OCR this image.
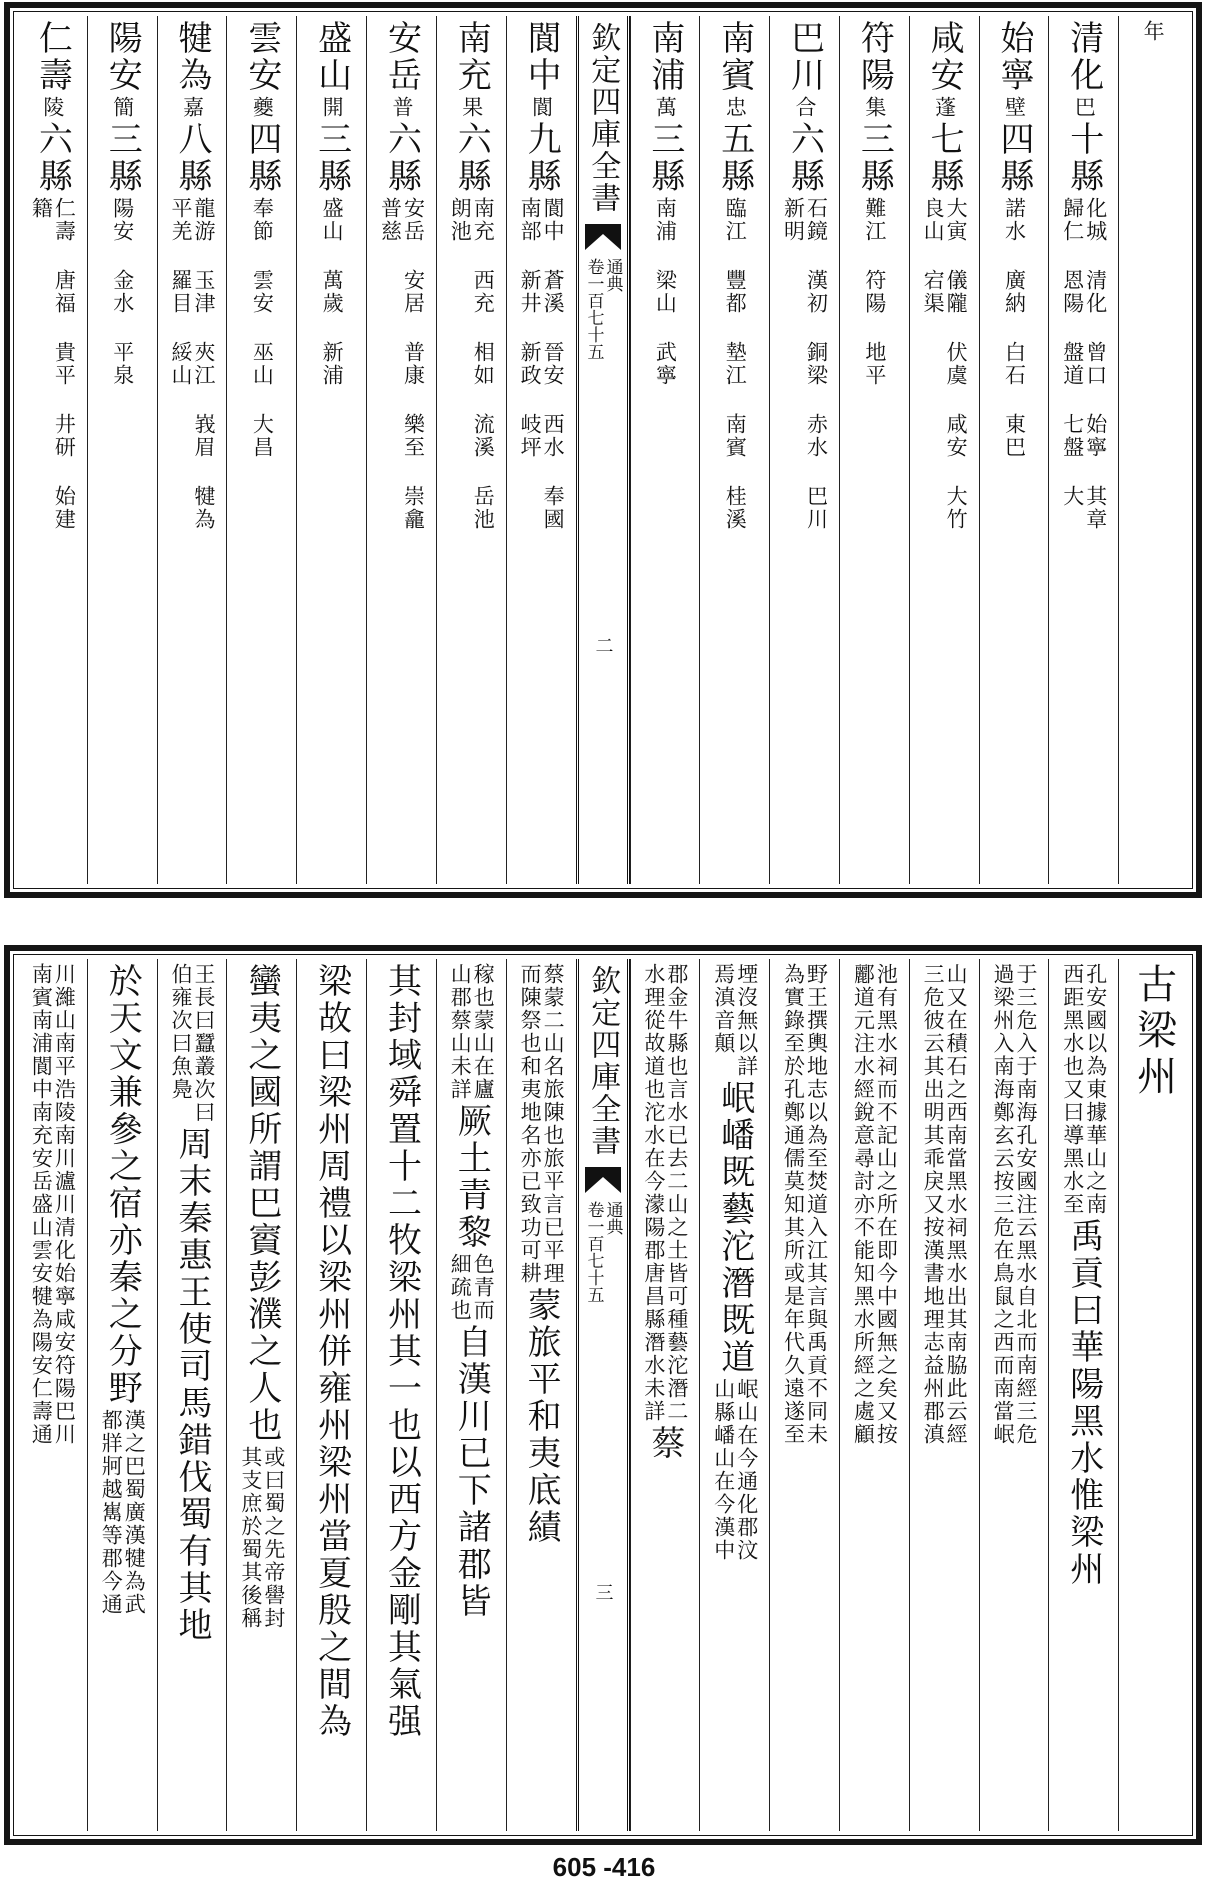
年
清化
巴
十縣
化城 清化 曾口 始寧 其章
歸仁 恩陽 盤道 七盤 大
始寧
壁
四縣
諾水 廣納 白石 東巴
咸安
蓬
七縣
大寅 儀隴 伏虞 咸安 大竹
良山 宕渠
符陽
集
三縣
難江 符陽 地平
巴川
合
六縣
石鏡 漢初 銅梁 赤水 巴川
新明
南賓
忠
五縣
臨江 豐都 墊江 南賓 桂溪
南浦
萬
三縣
南浦 梁山 武寧
欽定四庫全書
通典
卷一百七十五
二
閬中
閬
九縣
閬中 蒼溪 晉安 西水 奉國
南部 新井 新政 岐坪
南充
果
六縣
南充 西充 相如 流溪 岳池
朗池
安岳
普
六縣
安岳 安居 普康 樂至 崇龕
普慈
盛山
開
三縣
盛山 萬歲 新浦
雲安
夔
四縣
奉節 雲安 巫山 大昌
犍為
嘉
八縣
龍游 玉津 夾江 峩眉 犍為
平羌 羅目 綏山
陽安
簡
三縣
陽安 金水 平泉
仁壽
陵
六縣
仁壽 唐福 貴平 井研 始建
籍
古梁州
孔安國以為東據華山之南
西距黑水也又曰導黑水至
禹貢曰華陽黑水惟梁州
于三危入于南海孔安國注云黑水自北而南經三危
過梁州入南海鄭玄云按三危在鳥鼠之西而南當岷
山又在積石之西南當黑水祠黑水出其南脇此云經
三危彼云其出明其乖戾又按漢書地理志益州郡滇
池有黑水祠而不記山之所在即今中國無之矣又按
酈道元注水經銳意尋討亦不能知黑水所經之處顧
野王撰輿地志以為至焚道入江其言與禹貢不同未
為實錄至於孔鄭通儒莫知其所或是年代久遠遂至
堙沒無以詳
焉滇音顛
岷嶓既藝沱潛既道
岷山在今通化郡汶
山縣嶓山在今漢中
郡金牛縣也言水已去二山之土皆可種藝沱潛二
水理從故道也沱水在今濛陽郡唐昌縣潛水未詳
蔡
欽定四庫全書
通典
卷一百七十五
三
蔡蒙二山名旅陳也旅平言已平理
而陳祭也和夷地名亦已致功可耕
蒙旅平和夷底績
稼也蒙山在廬
山郡蔡山未詳
厥土青黎
色青而
細疏也
自漢川已下諸郡皆
其封域舜置十二牧梁州其一也以西方金剛其氣强
梁故曰梁州周禮以梁州併雍州梁州當夏殷之間為
蠻夷之國所謂巴賨彭濮之人也
或曰蜀之先帝嚳封
其支庶於蜀其後稱
王長曰蠶叢次曰
伯雍次曰魚鳧
周末秦惠王使司馬錯伐蜀有其地
於天文兼參之宿亦秦之分野
漢之巴蜀廣漢犍為武
都牂牁越嶲等郡今通
川濰山南平浩陵南川瀘川清化始寧咸安符陽巴川
南賓南浦閬中南充安岳盛山雲安犍為陽安仁壽通
605 -416
